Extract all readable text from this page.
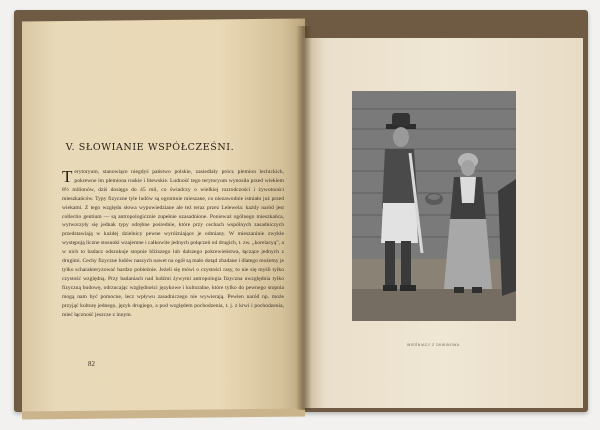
V. SŁOWIANIE WSPÓŁCZEŚNI.

Terytoryum, stanowiące niegdyś państwo polskie, zasiedlały prócz plemion lechickich, pokrewne im plemiona ruskie i litewskie. Ludność tego terytoryum wynosiła przed wiekiem 8½ milionów, dziś dosięga do 45 mil, co świadczy o wielkiej rozrodczości i żywotności mieszkańców. Typy fizyczne tyle ludów są ogromnie mieszane, co niezawodnie istniało już przed wiekami. Z tego względu słowa wypowiedziane ale też teraz przez Lelewela: każdy naród jest collectio gentium — są antropologicznie zupełnie uzasadnione. Ponieważ ogólnego mieszkańca, wytworzyły się jednak typy odrębne pośrednie, które przy cechach wspólnych zasadniczych przedstawiają w każdej dzielnicy pewne wyróżniające je odmiany. W mieszaninie zwykle występują liczne stosunki wzajemne i całkowite jednych połączeń od drugich, t. zw. „korelacyą”, a w nich to badacz odszukuje stopnie bliższego lub dalszego pokrewieństwa, łączące jednych z drugimi. Cechy fizyczne ludów naszych nawet na ogół są mało dotąd zbadane i dlatego możemy je tylko scharakteryzować bardzo pobieżnie. Jeżeli się mówi o czystości rasy, to nie się myśli tylko czystość względną. Przy badaniach nad ludźmi żywymi antropologia fizyczna uwzględnia tylko fizyczną budowę, odrzucając względności językowe i kulturalne, które tylko do pewnego stopnia mogą nam być pomocne, lecz wpływu zasadniczego nie wywierają. Pewien naród np. może przyjąć kulturę jednego, język drugiego, a pod względem pochodzenia, t. j. z krwi i pochodzenia, mieć łączność jeszcze z innym.

82
WIEŚNIACY Z OKWINOWA.
